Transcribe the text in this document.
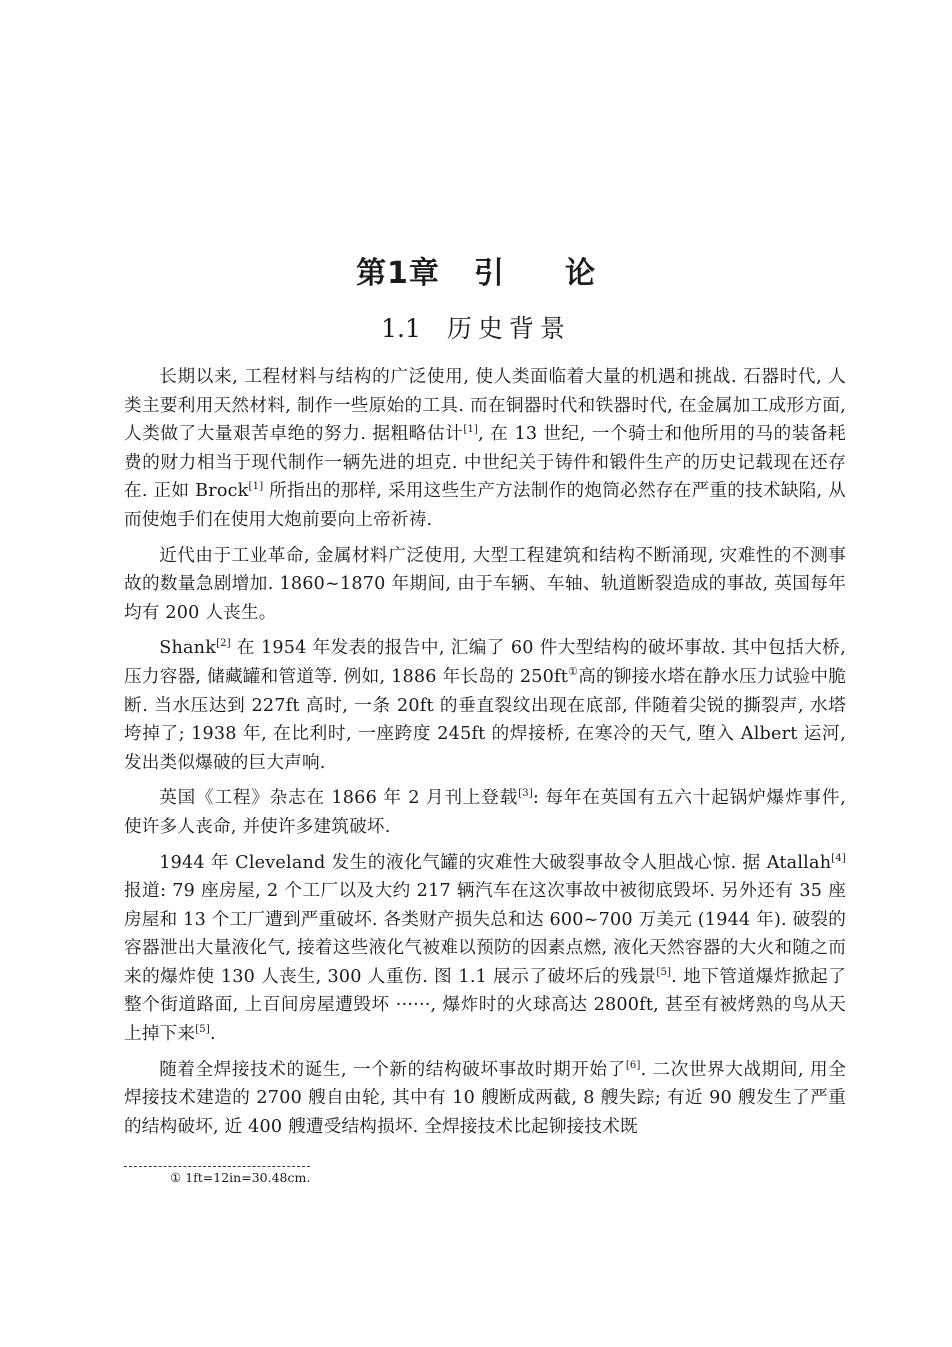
第1章 引 论
1.1 历史背景

长期以来, 工程材料与结构的广泛使用, 使人类面临着大量的机遇和挑战. 石器时代, 人类主要利用天然材料, 制作一些原始的工具. 而在铜器时代和铁器时代, 在金属加工成形方面, 人类做了大量艰苦卓绝的努力. 据粗略估计[1], 在 13 世纪, 一个骑士和他所用的马的装备耗费的财力相当于现代制作一辆先进的坦克. 中世纪关于铸件和锻件生产的历史记载现在还存在. 正如 Brock[1] 所指出的那样, 采用这些生产方法制作的炮筒必然存在严重的技术缺陷, 从而使炮手们在使用大炮前要向上帝祈祷.

近代由于工业革命, 金属材料广泛使用, 大型工程建筑和结构不断涌现, 灾难性的不测事故的数量急剧增加. 1860~1870 年期间, 由于车辆、车轴、轨道断裂造成的事故, 英国每年均有 200 人丧生。

Shank[2] 在 1954 年发表的报告中, 汇编了 60 件大型结构的破坏事故. 其中包括大桥, 压力容器, 储藏罐和管道等. 例如, 1886 年长岛的 250ft①高的铆接水塔在静水压力试验中脆断. 当水压达到 227ft 高时, 一条 20ft 的垂直裂纹出现在底部, 伴随着尖锐的撕裂声, 水塔垮掉了; 1938 年, 在比利时, 一座跨度 245ft 的焊接桥, 在寒冷的天气, 堕入 Albert 运河, 发出类似爆破的巨大声响.

英国《工程》杂志在 1866 年 2 月刊上登载[3]: 每年在英国有五六十起锅炉爆炸事件, 使许多人丧命, 并使许多建筑破坏.

1944 年 Cleveland 发生的液化气罐的灾难性大破裂事故令人胆战心惊. 据 Atallah[4] 报道: 79 座房屋, 2 个工厂以及大约 217 辆汽车在这次事故中被彻底毁坏. 另外还有 35 座房屋和 13 个工厂遭到严重破坏. 各类财产损失总和达 600~700 万美元 (1944 年). 破裂的容器泄出大量液化气, 接着这些液化气被难以预防的因素点燃, 液化天然容器的大火和随之而来的爆炸使 130 人丧生, 300 人重伤. 图 1.1 展示了破坏后的残景[5]. 地下管道爆炸掀起了整个街道路面, 上百间房屋遭毁坏 ······, 爆炸时的火球高达 2800ft, 甚至有被烤熟的鸟从天上掉下来[5].

随着全焊接技术的诞生, 一个新的结构破坏事故时期开始了[6]. 二次世界大战期间, 用全焊接技术建造的 2700 艘自由轮, 其中有 10 艘断成两截, 8 艘失踪; 有近 90 艘发生了严重的结构破坏, 近 400 艘遭受结构损坏. 全焊接技术比起铆接技术既

① 1ft=12in=30.48cm.
